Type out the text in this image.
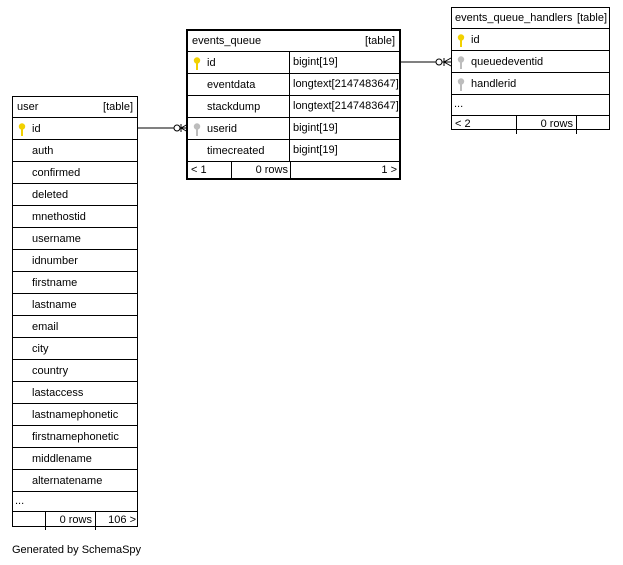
events_queue	[table]
id	bigint[19]
eventdata	longtext[2147483647]
stackdump	longtext[2147483647]
userid	bigint[19]
timecreated	bigint[19]
< 1	0 rows	1 >
events_queue_handlers [table]
id
queuedeventid
handlerid
...
< 2	0 rows
user	[table]
id
auth
confirmed
deleted
mnethostid
username
idnumber
firstname
lastname
email
city
country
lastaccess
lastnamephonetic
firstnamephonetic
middlename
alternatename
...
0 rows	106 >
Generated by SchemaSpy
